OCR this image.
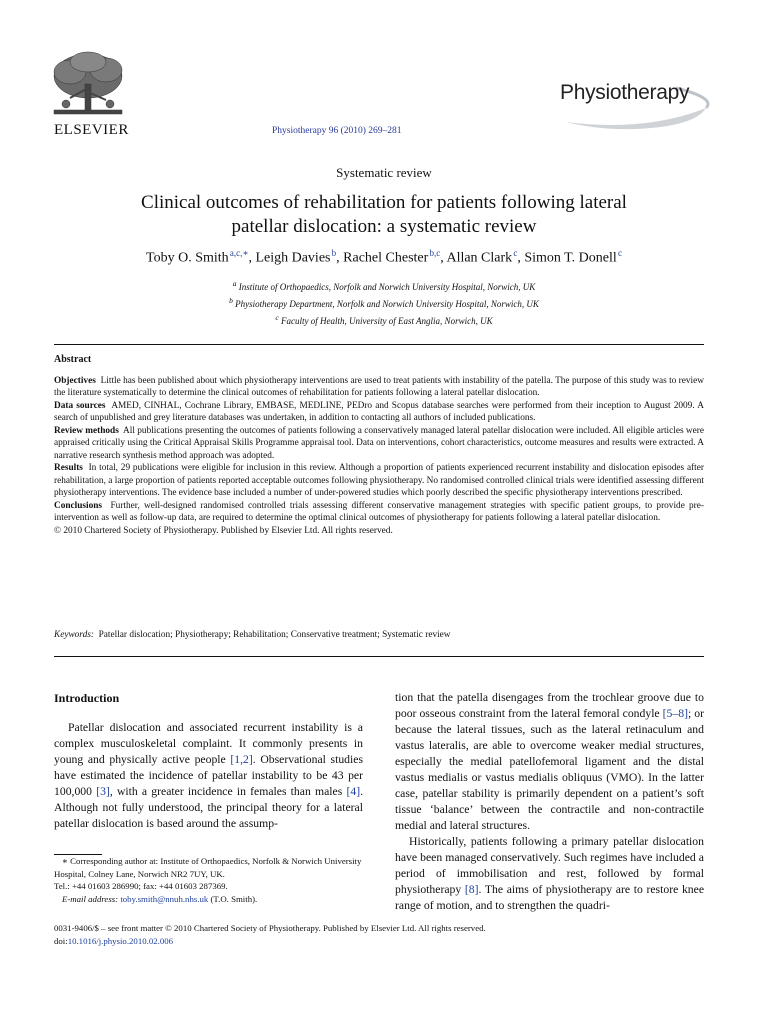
ELSEVIER	Physiotherapy 96 (2010) 269–281
Physiotherapy
Systematic review
Clinical outcomes of rehabilitation for patients following lateral
patellar dislocation: a systematic review
Toby O. Smith $^{a,c,∗}$, Leigh Davies $^b$, Rachel Chester $^{b,c}$, Allan Clark $^c$, Simon T. Donell $^c$
$^a$ Institute of Orthopaedics, Norfolk and Norwich University Hospital, Norwich, UK
$^b$ Physiotherapy Department, Norfolk and Norwich University Hospital, Norwich, UK
$^c$ Faculty of Health, University of East Anglia, Norwich, UK
Abstract

Objectives Little has been published about which physiotherapy interventions are used to treat patients with instability of the patella. The purpose of this study was to review the literature systematically to determine the clinical outcomes of rehabilitation for patients following a lateral patellar dislocation.

Data sources AMED, CINHAL, Cochrane Library, EMBASE, MEDLINE, PEDro and Scopus database searches were performed from their inception to August 2009. A search of unpublished and grey literature databases was undertaken, in addition to contacting all authors of included publications.

Review methods All publications presenting the outcomes of patients following a conservatively managed lateral patellar dislocation were included. All eligible articles were appraised critically using the Critical Appraisal Skills Programme appraisal tool. Data on interventions, cohort characteristics, outcome measures and results were extracted. A narrative research synthesis method approach was adopted.

Results In total, 29 publications were eligible for inclusion in this review. Although a proportion of patients experienced recurrent instability and dislocation episodes after rehabilitation, a large proportion of patients reported acceptable outcomes following physiotherapy. No randomised controlled clinical trials were identified assessing different physiotherapy interventions. The evidence base included a number of under-powered studies which poorly described the specific physiotherapy interventions prescribed.

Conclusions Further, well-designed randomised controlled trials assessing different conservative management strategies with specific patient groups, to provide pre-intervention as well as follow-up data, are required to determine the optimal clinical outcomes of physiotherapy for patients following a lateral patellar dislocation.

© 2010 Chartered Society of Physiotherapy. Published by Elsevier Ltd. All rights reserved.

Keywords: Patellar dislocation; Physiotherapy; Rehabilitation; Conservative treatment; Systematic review

Introduction

Patellar dislocation and associated recurrent instability is a complex musculoskeletal complaint. It commonly presents in young and physically active people [1,2]. Observational studies have estimated the incidence of patellar instability to be 43 per 100,000 [3], with a greater incidence in females than males [4]. Although not fully understood, the principal theory for a lateral patellar dislocation is based around the assump-

∗ Corresponding author at: Institute of Orthopaedics, Norfolk & Norwich University Hospital, Colney Lane, Norwich NR2 7UY, UK.
Tel.: +44 01603 286990; fax: +44 01603 287369.
E-mail address: toby.smith@nnuh.nhs.uk (T.O. Smith).

tion that the patella disengages from the trochlear groove due to poor osseous constraint from the lateral femoral condyle [5–8]; or because the lateral tissues, such as the lateral retinaculum and vastus lateralis, are able to overcome weaker medial structures, especially the medial patellofemoral ligament and the distal vastus medialis or vastus medialis obliquus (VMO). In the latter case, patellar stability is primarily dependent on a patient’s soft tissue ‘balance’ between the contractile and non-contractile medial and lateral structures.

Historically, patients following a primary patellar dislocation have been managed conservatively. Such regimes have included a period of immobilisation and rest, followed by formal physiotherapy [8]. The aims of physiotherapy are to restore knee range of motion, and to strengthen the quadri-

0031-9406/$ – see front matter © 2010 Chartered Society of Physiotherapy. Published by Elsevier Ltd. All rights reserved.
doi:10.1016/j.physio.2010.02.006
